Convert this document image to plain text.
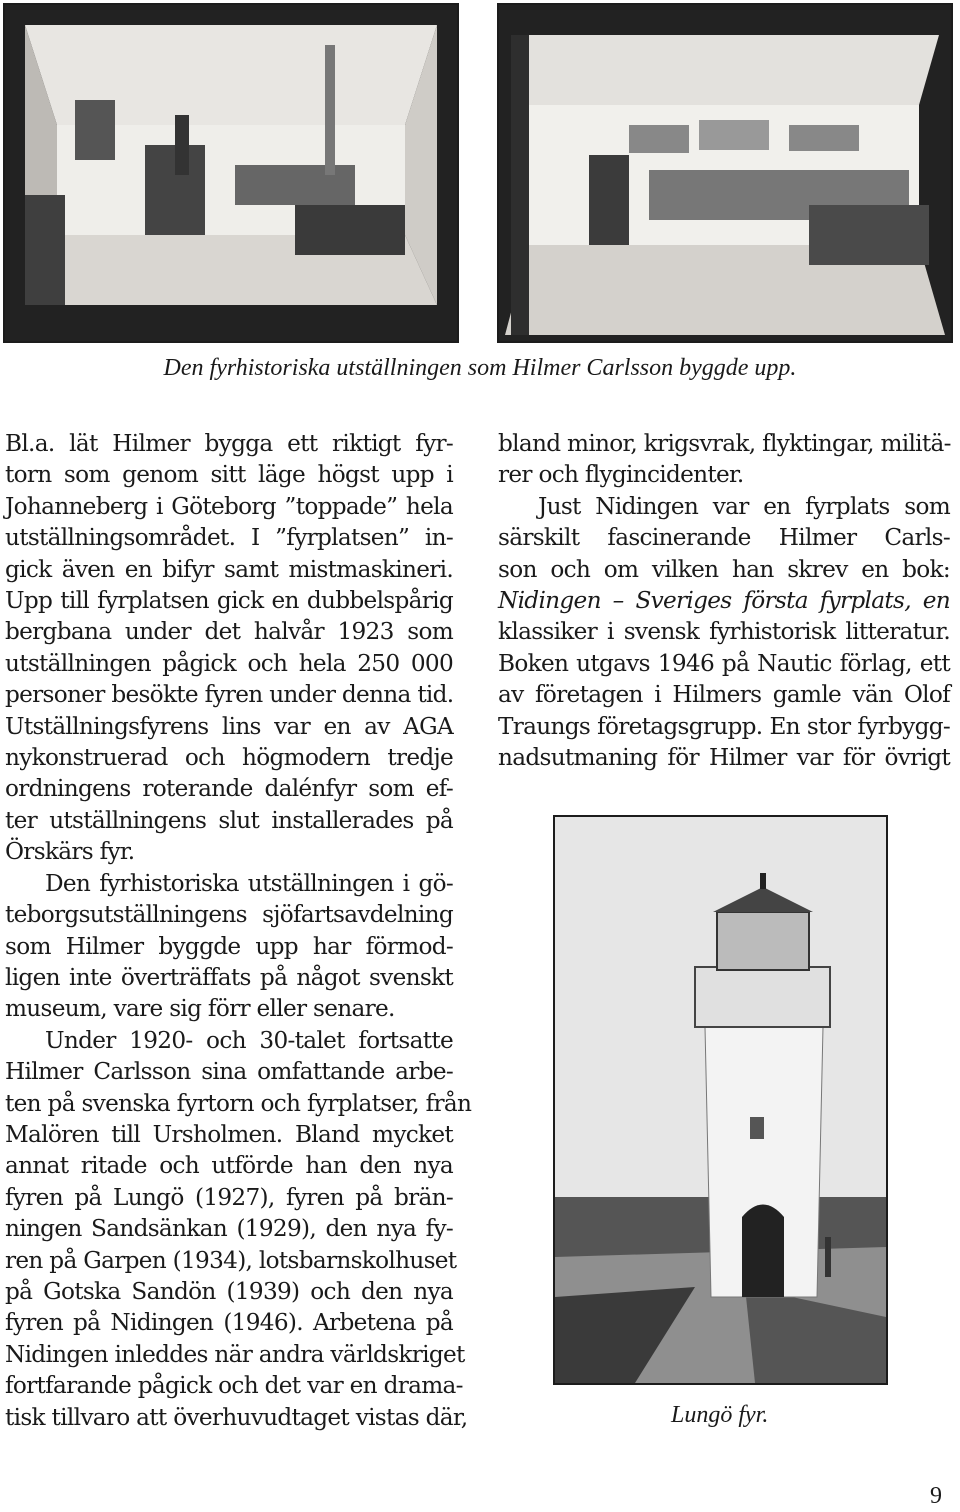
Den fyrhistoriska utställningen som Hilmer Carlsson byggde upp.
Bl.a. lät Hilmer bygga ett riktigt fyr-
torn som genom sitt läge högst upp i
Johanneberg i Göteborg ”toppade” hela
utställningsområdet. I ”fyrplatsen” in-
gick även en bifyr samt mistmaskineri.
Upp till fyrplatsen gick en dubbelspårig
bergbana under det halvår 1923 som
utställningen pågick och hela 250 000
personer besökte fyren under denna tid.
Utställningsfyrens lins var en av AGA
nykonstruerad och högmodern tredje
ordningens roterande dalénfyr som ef-
ter utställningens slut installerades på
Örskärs fyr.
Den fyrhistoriska utställningen i gö-
teborgsutställningens sjöfartsavdelning
som Hilmer byggde upp har förmod-
ligen inte överträffats på något svenskt
museum, vare sig förr eller senare.
Under 1920- och 30-talet fortsatte
Hilmer Carlsson sina omfattande arbe-
ten på svenska fyrtorn och fyrplatser, från
Malören till Ursholmen. Bland mycket
annat ritade och utförde han den nya
fyren på Lungö (1927), fyren på brän-
ningen Sandsänkan (1929), den nya fy-
ren på Garpen (1934), lotsbarnskolhuset
på Gotska Sandön (1939) och den nya
fyren på Nidingen (1946). Arbetena på
Nidingen inleddes när andra världskriget
fortfarande pågick och det var en drama-
tisk tillvaro att överhuvudtaget vistas där,
bland minor, krigsvrak, flyktingar, militä-
rer och flygincidenter.
Just Nidingen var en fyrplats som
särskilt fascinerande Hilmer Carls-
son och om vilken han skrev en bok:
Nidingen – Sveriges första fyrplats, en
klassiker i svensk fyrhistorisk litteratur.
Boken utgavs 1946 på Nautic förlag, ett
av företagen i Hilmers gamle vän Olof
Traungs företagsgrupp. En stor fyrbygg-
nadsutmaning för Hilmer var för övrigt
Lungö fyr.
9
